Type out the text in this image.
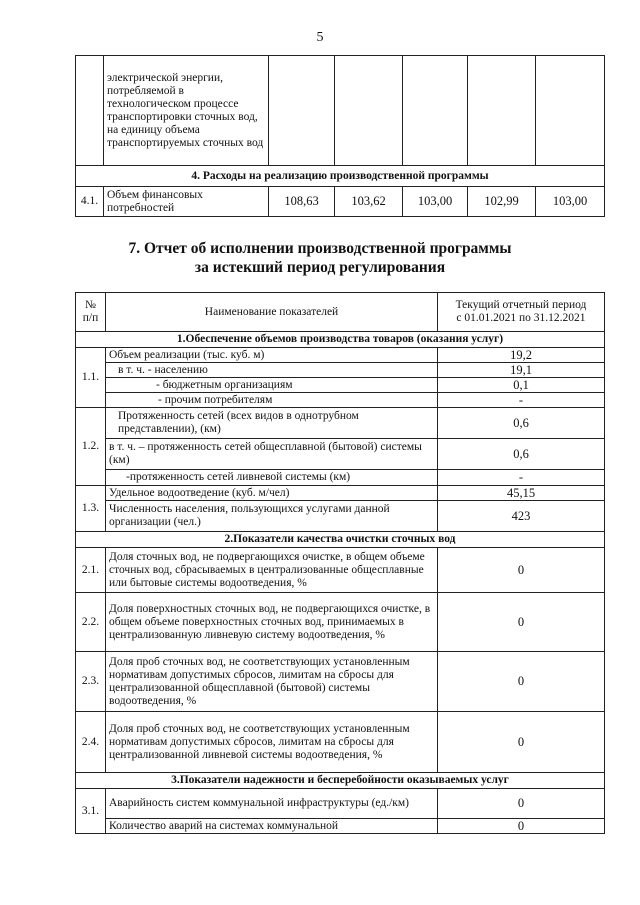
5
	электрической энергии, потребляемой в технологическом процессе транспортировки сточных вод, на единицу объема транспортируемых сточных вод					
4. Расходы на реализацию производственной программы						
4.1.	Объем финансовых потребностей	108,63	103,62	103,00	102,99	103,00
7. Отчет об исполнении производственной программы
за истекший период регулирования
№ п/п	Наименование показателей	Текущий отчетный период
с 01.01.2021 по 31.12.2021

1.Обеспечение объемов производства товаров (оказания услуг)		
1.1.	Объем реализации (тыс. куб. м)	19,2
	в т. ч. - населению	19,1
	- бюджетным организациям	0,1
	- прочим потребителям	-
1.2.	Протяженность сетей (всех видов в однотрубном представлении), (км)	0,6
	в т. ч. – протяженность сетей общесплавной (бытовой) системы (км)	0,6
	-протяженность сетей ливневой системы (км)	-
1.3.	Удельное водоотведение (куб. м/чел)	45,15
	Численность населения, пользующихся услугами данной организации (чел.)	423
2.Показатели качества очистки сточных вод		
2.1.	Доля сточных вод, не подвергающихся очистке, в общем объеме сточных вод, сбрасываемых в централизованные общесплавные или бытовые системы водоотведения, %	0
2.2.	Доля поверхностных сточных вод, не подвергающихся очистке, в общем объеме поверхностных сточных вод, принимаемых в централизованную ливневую систему водоотведения, %	0
2.3.	Доля проб сточных вод, не соответствующих установленным нормативам допустимых сбросов, лимитам на сбросы для централизованной общесплавной (бытовой) системы водоотведения, %	0
2.4.	Доля проб сточных вод, не соответствующих установленным нормативам допустимых сбросов, лимитам на сбросы для централизованной ливневой системы водоотведения, %	0
3.Показатели надежности и бесперебойности оказываемых услуг		
3.1.	Аварийность систем коммунальной инфраструктуры (ед./км)	0
	Количество аварий на системах коммунальной	0
